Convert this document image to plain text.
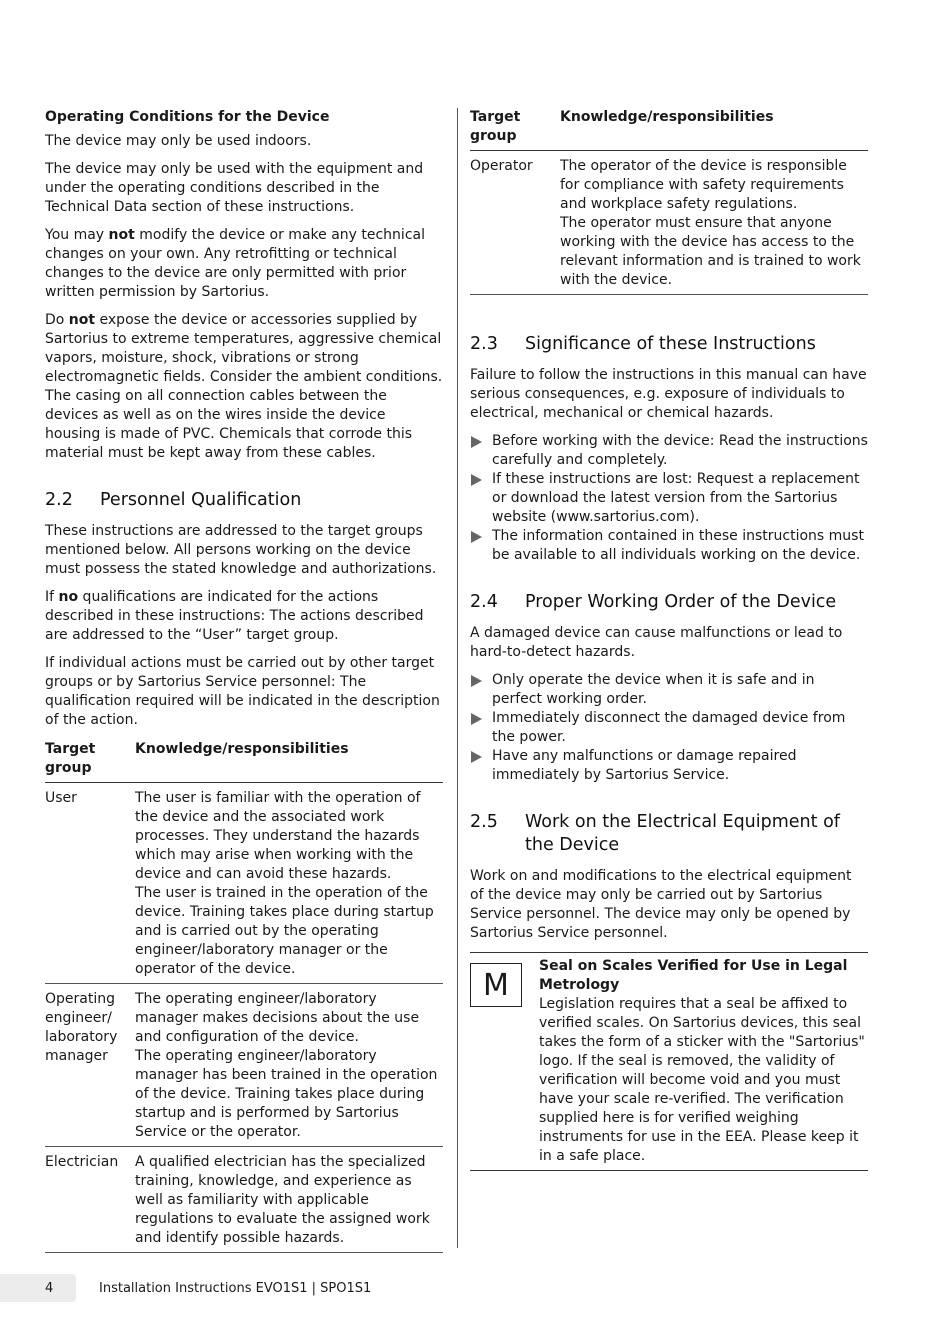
Operating Conditions for the Device

The device may only be used indoors.

The device may only be used with the equipment and under the operating conditions described in the Technical Data section of these instructions.

You may not modify the device or make any technical changes on your own. Any retrofitting or technical changes to the device are only permitted with prior written permission by Sartorius.

Do not expose the device or accessories supplied by Sartorius to extreme temperatures, aggressive chemical vapors, moisture, shock, vibrations or strong electromagnetic fields. Consider the ambient conditions. The casing on all connection cables between the devices as well as on the wires inside the device housing is made of PVC. Chemicals that corrode this material must be kept away from these cables.

2.2	Personnel Qualification

These instructions are addressed to the target groups mentioned below. All persons working on the device must possess the stated knowledge and authorizations.

If no qualifications are indicated for the actions described in these instructions: The actions described are addressed to the “User” target group.

If individual actions must be carried out by other target groups or by Sartorius Service personnel: The qualification required will be indicated in the description of the action.

Target group	Knowledge/responsibilities
User	The user is familiar with the operation of the device and the associated work processes. They understand the hazards which may arise when working with the device and can avoid these hazards.
The user is trained in the operation of the device. Training takes place during startup and is carried out by the operating engineer/laboratory manager or the operator of the device.
Operating engineer/ laboratory manager	The operating engineer/laboratory manager makes decisions about the use and configuration of the device.
The operating engineer/laboratory manager has been trained in the operation of the device. Training takes place during startup and is performed by Sartorius Service or the operator.
Electrician	A qualified electrician has the specialized training, knowledge, and experience as well as familiarity with applicable regulations to evaluate the assigned work and identify possible hazards.
Target group	Knowledge/responsibilities
Operator	The operator of the device is responsible for compliance with safety requirements and workplace safety regulations.
The operator must ensure that anyone working with the device has access to the relevant information and is trained to work with the device.
2.3	Significance of these Instructions

Failure to follow the instructions in this manual can have serious consequences, e.g. exposure of individuals to electrical, mechanical or chemical hazards.

Before working with the device: Read the instructions carefully and completely.
If these instructions are lost: Request a replacement or download the latest version from the Sartorius website (www.sartorius.com).
The information contained in these instructions must be available to all individuals working on the device.
2.4	Proper Working Order of the Device

A damaged device can cause malfunctions or lead to hard-to-detect hazards.

Only operate the device when it is safe and in perfect working order.
Immediately disconnect the damaged device from the power.
Have any malfunctions or damage repaired immediately by Sartorius Service.
2.5	Work on the Electrical Equipment of the Device

Work on and modifications to the electrical equipment of the device may only be carried out by Sartorius Service personnel. The device may only be opened by Sartorius Service personnel.

M
Seal on Scales Verified for Use in Legal Metrology
Legislation requires that a seal be affixed to verified scales. On Sartorius devices, this seal takes the form of a sticker with the "Sartorius" logo. If the seal is removed, the validity of verification will become void and you must have your scale re-verified. The verification supplied here is for verified weighing instruments for use in the EEA. Please keep it in a safe place.
4	Installation Instructions EVO1S1 | SPO1S1
